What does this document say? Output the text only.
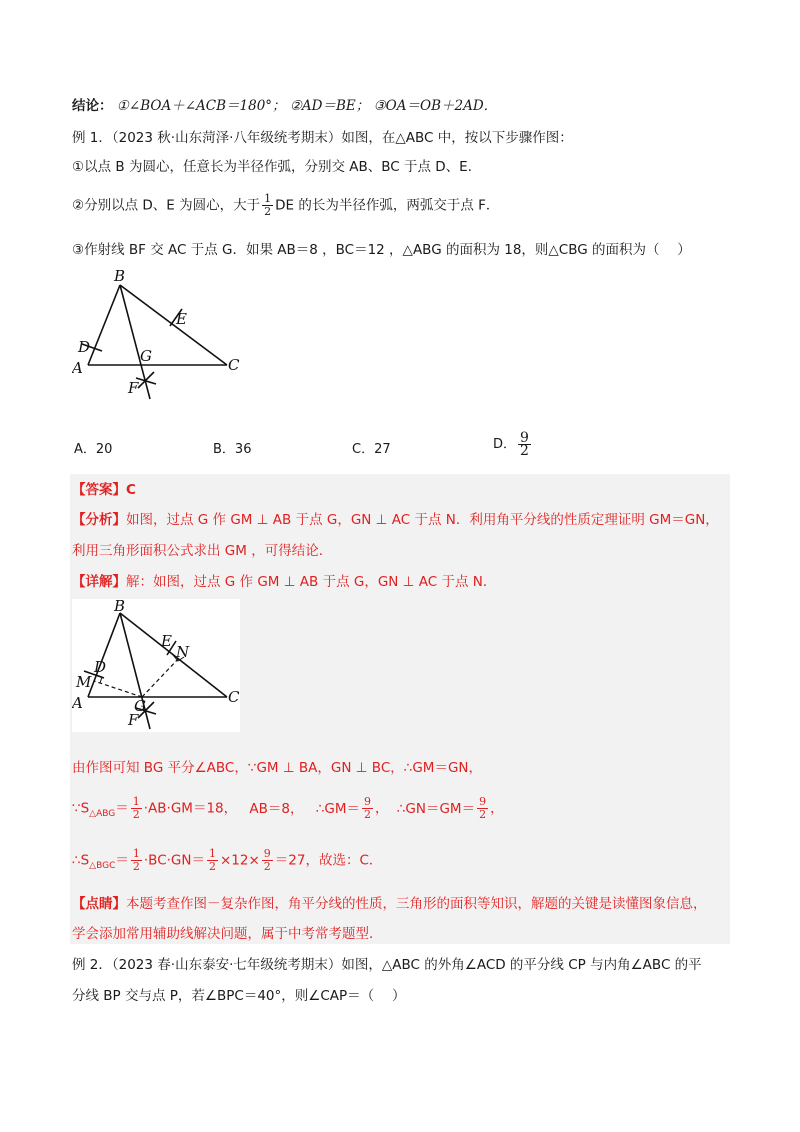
结论： ①∠BOA＋∠ACB＝180°； ②AD＝BE； ③OA＝OB＋2AD．
例 1．（2023 秋·山东菏泽·八年级统考期末）如图，在△ABC 中，按以下步骤作图：
①以点 B 为圆心，任意长为半径作弧，分别交 AB、BC 于点 D、E．
②分别以点 D、E 为圆心，大于 $\frac{1}{2}$ DE 的长为半径作弧，两弧交于点 F．
③作射线 BF 交 AC 于点 G．如果 AB＝8 ，BC＝12 ，△ABG 的面积为 18，则△CBG 的面积为（　 ）
B
E
D	G
A	C
F
A．20	B．36	C．27	D． $\frac{9}{2}$
【答案】C
【分析】如图，过点 G 作 GM ⊥ AB 于点 G，GN ⊥ AC 于点 N．利用角平分线的性质定理证明 GM＝GN，
利用三角形面积公式求出 GM ，可得结论．
【详解】解：如图，过点 G 作 GM ⊥ AB 于点 G，GN ⊥ AC 于点 N．
B
E
N
M
D
G
A	C
F
由作图可知 BG 平分∠ABC，∵GM ⊥ BA，GN ⊥ BC，∴GM＝GN，
$\because S_{\triangle ABG}= \frac{1}{2} \cdot AB\cdot GM=18$， AB＝8， ∴GM＝ $\frac{9}{2}$ ， ∴GN＝GM＝ $\frac{9}{2}$ ，
$\therefore S_{\triangle BGC}= \frac{1}{2} \cdot BC\cdot GN= \frac{1}{2} \times 12\times \frac{9}{2} =27$，故选：C．
【点睛】本题考查作图－复杂作图，角平分线的性质，三角形的面积等知识，解题的关键是读懂图象信息，
学会添加常用辅助线解决问题，属于中考常考题型．
例 2．（2023 春·山东泰安·七年级统考期末）如图，△ABC 的外角∠ACD 的平分线 CP 与内角∠ABC 的平
分线 BP 交与点 P，若∠BPC＝40°，则∠CAP＝（　 ）
